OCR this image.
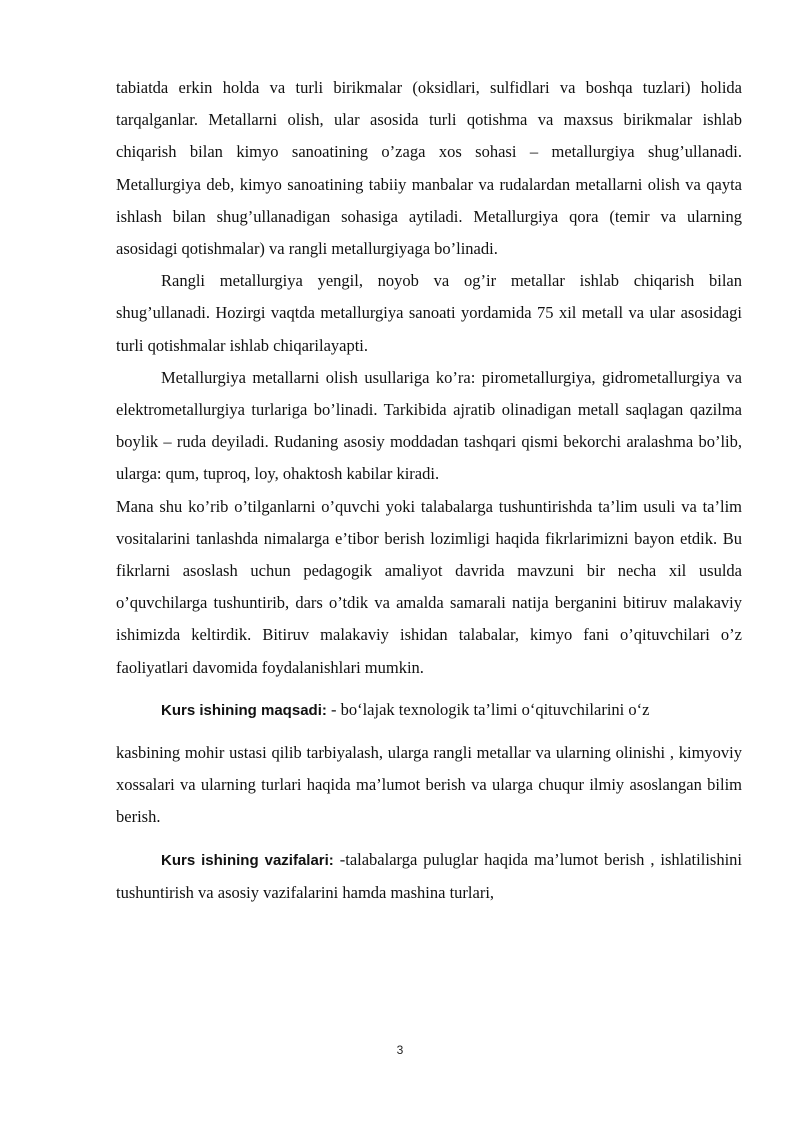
tabiatda erkin holda va turli birikmalar (oksidlari, sulfidlari va boshqa tuzlari) holida tarqalganlar. Metallarni olish, ular asosida turli qotishma va maxsus birikmalar ishlab chiqarish bilan kimyo sanoatining o’zaga xos sohasi – metallurgiya shug’ullanadi. Metallurgiya deb, kimyo sanoatining tabiiy manbalar va rudalardan metallarni olish va qayta ishlash bilan shug’ullanadigan sohasiga aytiladi. Metallurgiya qora (temir va ularning asosidagi qotishmalar) va rangli metallurgiyaga bo’linadi.

Rangli metallurgiya yengil, noyob va og’ir metallar ishlab chiqarish bilan shug’ullanadi. Hozirgi vaqtda metallurgiya sanoati yordamida 75 xil metall va ular asosidagi turli qotishmalar ishlab chiqarilayapti.

Metallurgiya metallarni olish usullariga ko’ra: pirometallurgiya, gidrometallurgiya va elektrometallurgiya turlariga bo’linadi. Tarkibida ajratib olinadigan metall saqlagan qazilma boylik – ruda deyiladi. Rudaning asosiy moddadan tashqari qismi bekorchi aralashma bo’lib, ularga: qum, tuproq, loy, ohaktosh kabilar kiradi.

Mana shu ko’rib o’tilganlarni o’quvchi yoki talabalarga tushuntirishda ta’lim usuli va ta’lim vositalarini tanlashda nimalarga e’tibor berish lozimligi haqida fikrlarimizni bayon etdik. Bu fikrlarni asoslash uchun pedagogik amaliyot davrida mavzuni bir necha xil usulda o’quvchilarga tushuntirib, dars o’tdik va amalda samarali natija berganini bitiruv malakaviy ishimizda keltirdik. Bitiruv malakaviy ishidan talabalar, kimyo fani o’qituvchilari o’z faoliyatlari davomida foydalanishlari mumkin.

Kurs ishining maqsadi: - bo‘lajak texnologik ta’limi o‘qituvchilarini o‘z

kasbining mohir ustasi qilib tarbiyalash, ularga rangli metallar va ularning olinishi , kimyoviy xossalari va ularning turlari haqida ma’lumot berish va ularga chuqur ilmiy asoslangan bilim berish.

Kurs ishining vazifalari: -talabalarga puluglar haqida ma’lumot berish , ishlatilishini tushuntirish va asosiy vazifalarini hamda mashina turlari,

3
